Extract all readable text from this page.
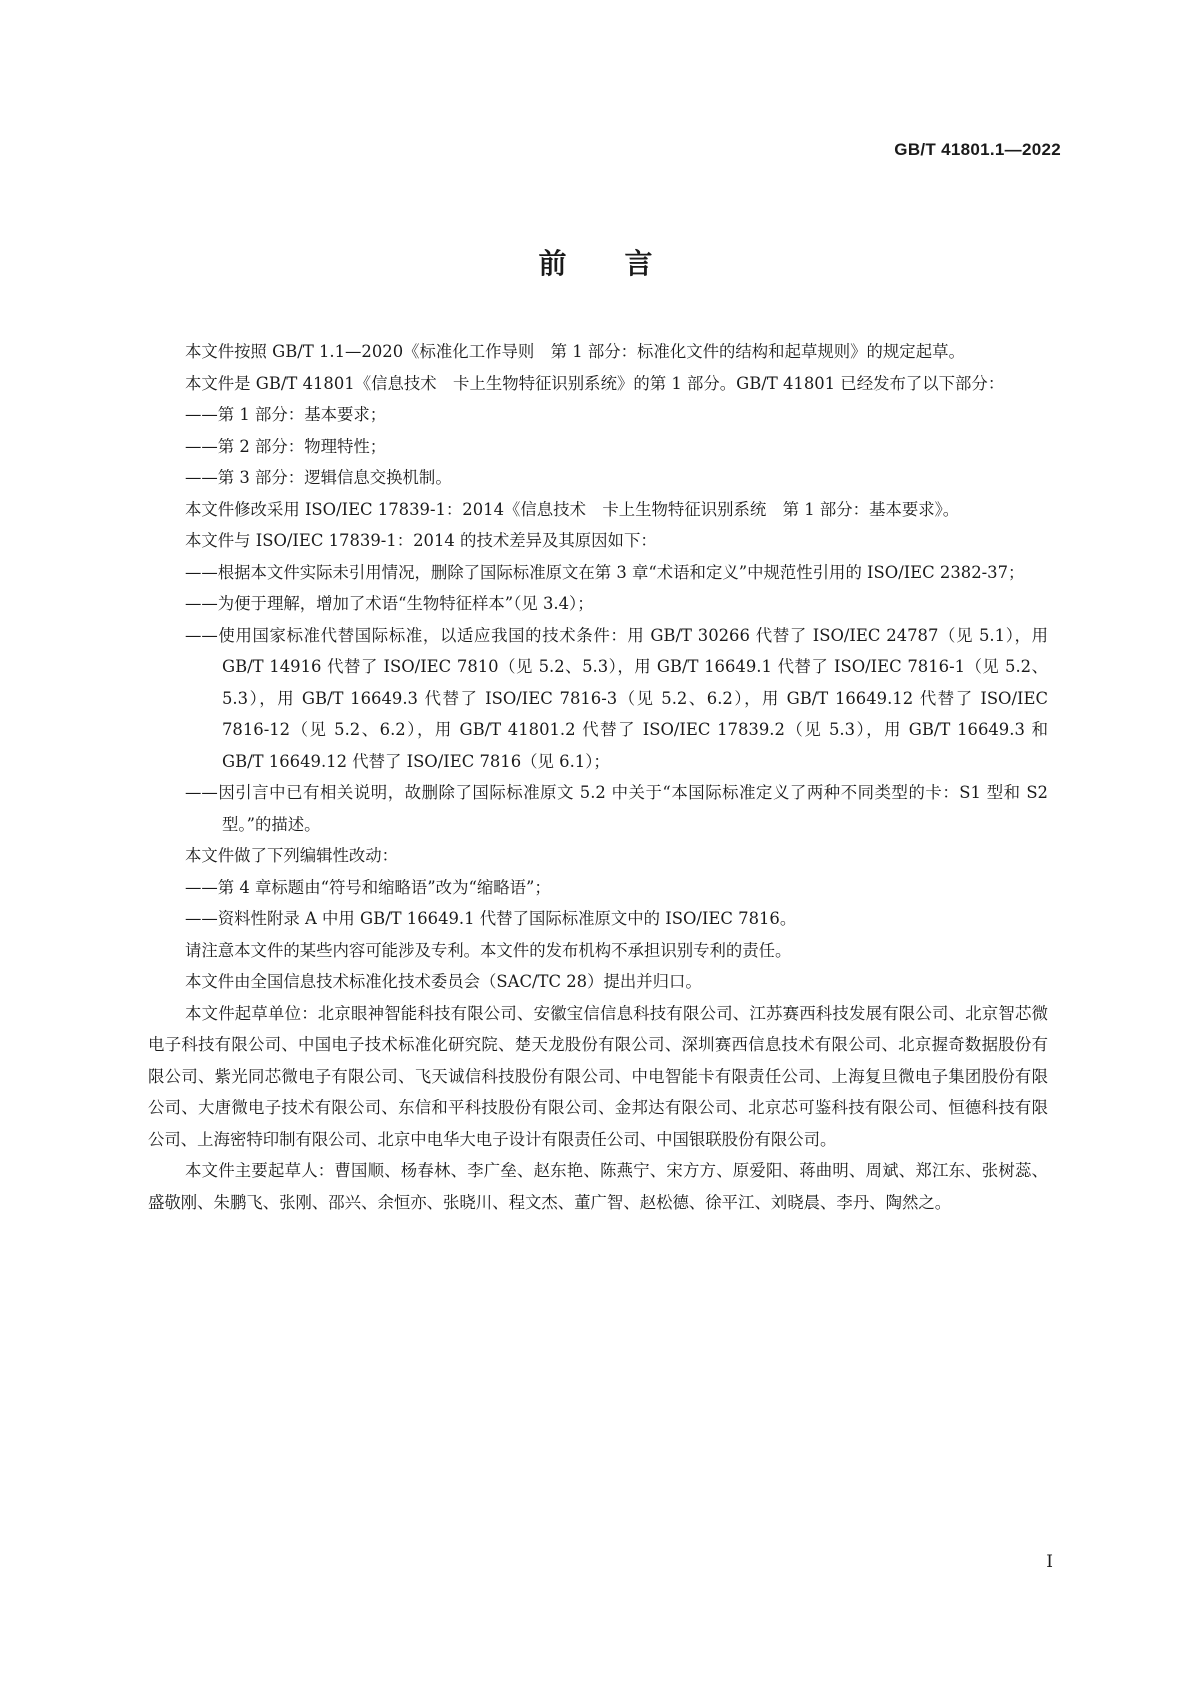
GB/T 41801.1—2022
前言

本文件按照 GB/T 1.1—2020《标准化工作导则　第 1 部分：标准化文件的结构和起草规则》的规定起草。

本文件是 GB/T 41801《信息技术　卡上生物特征识别系统》的第 1 部分。GB/T 41801 已经发布了以下部分：

——第 1 部分：基本要求；

——第 2 部分：物理特性；

——第 3 部分：逻辑信息交换机制。

本文件修改采用 ISO/IEC 17839-1：2014《信息技术　卡上生物特征识别系统　第 1 部分：基本要求》。

本文件与 ISO/IEC 17839-1：2014 的技术差异及其原因如下：

——根据本文件实际未引用情况，删除了国际标准原文在第 3 章“术语和定义”中规范性引用的 ISO/IEC 2382-37；

——为便于理解，增加了术语“生物特征样本”（见 3.4）；

——使用国家标准代替国际标准，以适应我国的技术条件：用 GB/T 30266 代替了 ISO/IEC 24787（见 5.1），用 GB/T 14916 代替了 ISO/IEC 7810（见 5.2、5.3），用 GB/T 16649.1 代替了 ISO/IEC 7816-1（见 5.2、5.3），用 GB/T 16649.3 代替了 ISO/IEC 7816-3（见 5.2、6.2），用 GB/T 16649.12 代替了 ISO/IEC 7816-12（见 5.2、6.2），用 GB/T 41801.2 代替了 ISO/IEC 17839.2（见 5.3），用 GB/T 16649.3 和 GB/T 16649.12 代替了 ISO/IEC 7816（见 6.1）；

——因引言中已有相关说明，故删除了国际标准原文 5.2 中关于“本国际标准定义了两种不同类型的卡：S1 型和 S2 型。”的描述。

本文件做了下列编辑性改动：

——第 4 章标题由“符号和缩略语”改为“缩略语”；

——资料性附录 A 中用 GB/T 16649.1 代替了国际标准原文中的 ISO/IEC 7816。

请注意本文件的某些内容可能涉及专利。本文件的发布机构不承担识别专利的责任。

本文件由全国信息技术标准化技术委员会（SAC/TC 28）提出并归口。

本文件起草单位：北京眼神智能科技有限公司、安徽宝信信息科技有限公司、江苏赛西科技发展有限公司、北京智芯微电子科技有限公司、中国电子技术标准化研究院、楚天龙股份有限公司、深圳赛西信息技术有限公司、北京握奇数据股份有限公司、紫光同芯微电子有限公司、飞天诚信科技股份有限公司、中电智能卡有限责任公司、上海复旦微电子集团股份有限公司、大唐微电子技术有限公司、东信和平科技股份有限公司、金邦达有限公司、北京芯可鉴科技有限公司、恒德科技有限公司、上海密特印制有限公司、北京中电华大电子设计有限责任公司、中国银联股份有限公司。

本文件主要起草人：曹国顺、杨春林、李广垒、赵东艳、陈燕宁、宋方方、原爱阳、蒋曲明、周斌、郑江东、张树蕊、盛敬刚、朱鹏飞、张刚、邵兴、余恒亦、张晓川、程文杰、董广智、赵松德、徐平江、刘晓晨、李丹、陶然之。

I
